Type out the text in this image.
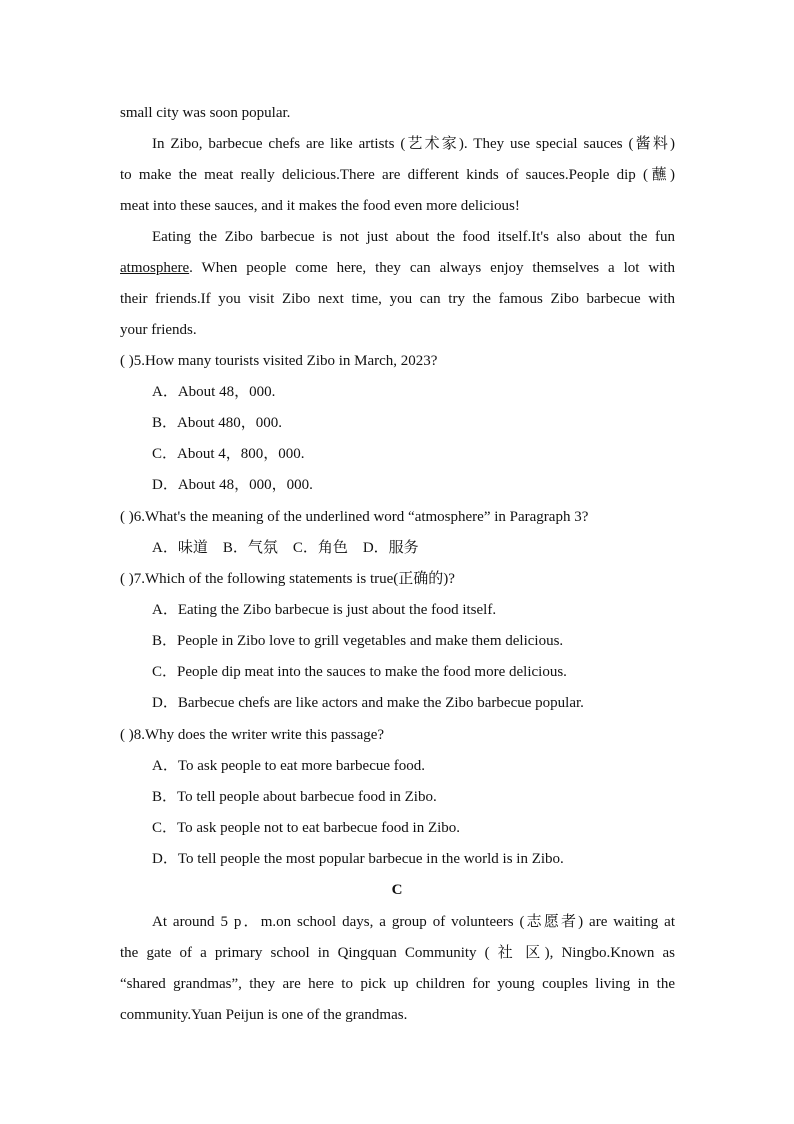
small city was soon popular.
In Zibo, barbecue chefs are like artists (艺术家). They use special sauces (酱料)
to make the meat really delicious.There are different kinds of sauces.People dip (蘸)
meat into these sauces, and it makes the food even more delicious!
Eating the Zibo barbecue is not just about the food itself.It's also about the fun
atmosphere. When people come here, they can always enjoy themselves a lot with
their friends.If you visit Zibo next time, you can try the famous Zibo barbecue with
your friends.
( )5.How many tourists visited Zibo in March, 2023?
A．About 48，000.
B．About 480，000.
C．About 4，800，000.
D．About 48，000，000.
( )6.What's the meaning of the underlined word “atmosphere” in Paragraph 3?
A．味道　B．气氛　C．角色　D．服务
( )7.Which of the following statements is true(正确的)?
A．Eating the Zibo barbecue is just about the food itself.
B．People in Zibo love to grill vegetables and make them delicious.
C．People dip meat into the sauces to make the food more delicious.
D．Barbecue chefs are like actors and make the Zibo barbecue popular.
( )8.Why does the writer write this passage?
A．To ask people to eat more barbecue food.
B．To tell people about barbecue food in Zibo.
C．To ask people not to eat barbecue food in Zibo.
D．To tell people the most popular barbecue in the world is in Zibo.
C
At around 5 p．m.on school days, a group of volunteers (志愿者) are waiting at
the gate of a primary school in Qingquan Community ( 社 区), Ningbo.Known as
“shared grandmas”, they are here to pick up children for young couples living in the
community.Yuan Peijun is one of the grandmas.
